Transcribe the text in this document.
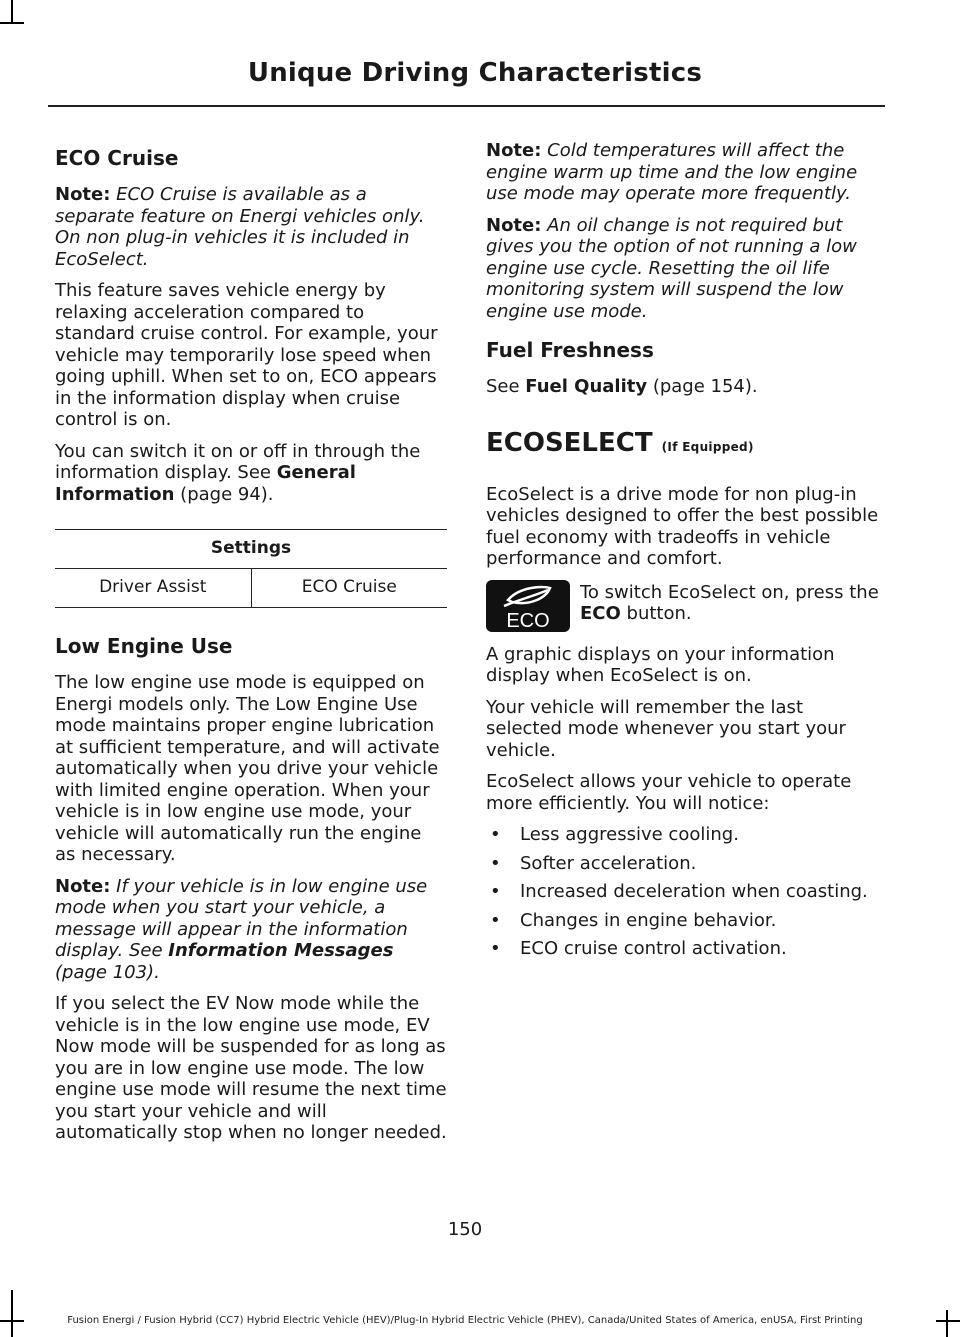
Unique Driving Characteristics
ECO Cruise

Note: ECO Cruise is available as a separate feature on Energi vehicles only. On non plug-in vehicles it is included in EcoSelect.

This feature saves vehicle energy by relaxing acceleration compared to standard cruise control. For example, your vehicle may temporarily lose speed when going uphill. When set to on, ECO appears in the information display when cruise control is on.

You can switch it on or off in through the information display. See General Information (page 94).

Settings
Driver Assist	ECO Cruise
Low Engine Use

The low engine use mode is equipped on Energi models only. The Low Engine Use mode maintains proper engine lubrication at sufficient temperature, and will activate automatically when you drive your vehicle with limited engine operation. When your vehicle is in low engine use mode, your vehicle will automatically run the engine as necessary.

Note: If your vehicle is in low engine use mode when you start your vehicle, a message will appear in the information display. See Information Messages (page 103).

If you select the EV Now mode while the vehicle is in the low engine use mode, EV Now mode will be suspended for as long as you are in low engine use mode. The low engine use mode will resume the next time you start your vehicle and will automatically stop when no longer needed.

Note: Cold temperatures will affect the engine warm up time and the low engine use mode may operate more frequently.

Note: An oil change is not required but gives you the option of not running a low engine use cycle. Resetting the oil life monitoring system will suspend the low engine use mode.

Fuel Freshness

See Fuel Quality (page 154).

ECOSELECT (If Equipped)

EcoSelect is a drive mode for non plug-in vehicles designed to offer the best possible fuel economy with tradeoffs in vehicle performance and comfort.

ECO
To switch EcoSelect on, press the ECO button.

A graphic displays on your information display when EcoSelect is on.

Your vehicle will remember the last selected mode whenever you start your vehicle.

EcoSelect allows your vehicle to operate more efficiently. You will notice:

• Less aggressive cooling.
• Softer acceleration.
• Increased deceleration when coasting.
• Changes in engine behavior.
• ECO cruise control activation.
150
Fusion Energi / Fusion Hybrid (CC7) Hybrid Electric Vehicle (HEV)/Plug-In Hybrid Electric Vehicle (PHEV), Canada/United States of America, enUSA, First Printing
